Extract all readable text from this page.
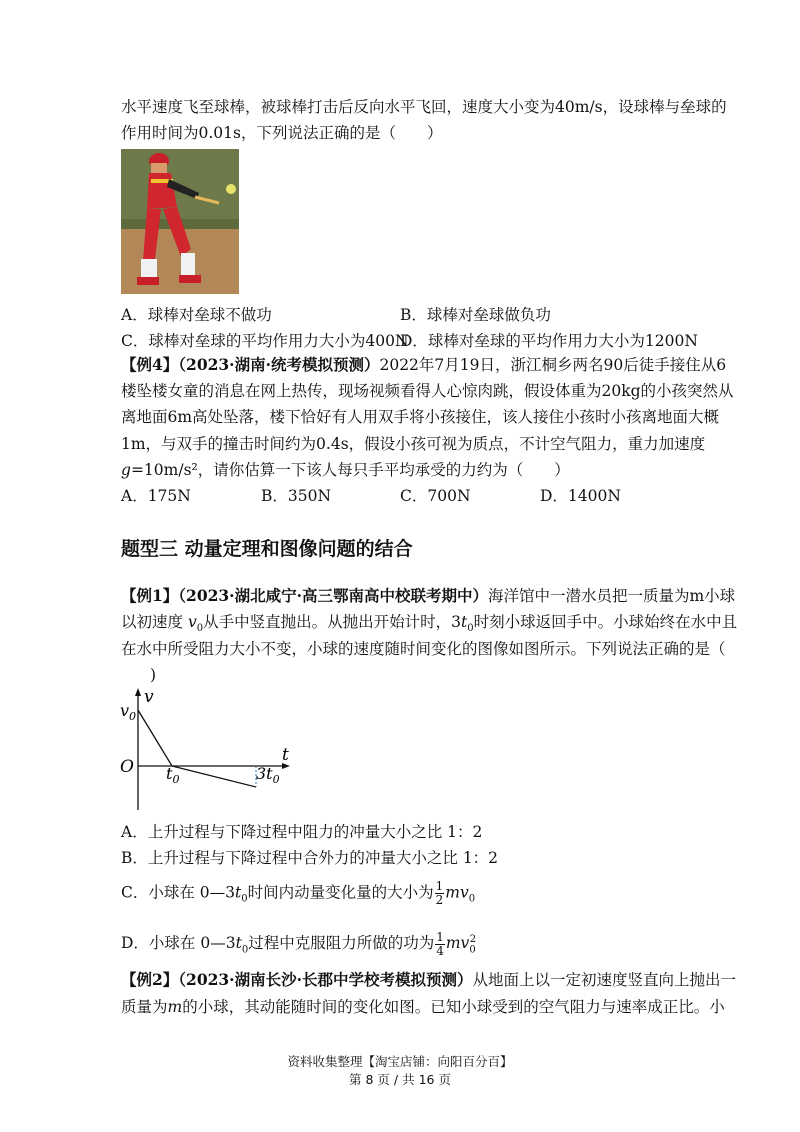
水平速度飞至球棒，被球棒打击后反向水平飞回，速度大小变为40m/s，设球棒与垒球的

作用时间为0.01s，下列说法正确的是（　　）

A．球棒对垒球不做功	B．球棒对垒球做负功
C．球棒对垒球的平均作用力大小为400N
D．球棒对垒球的平均作用力大小为1200N

【例4】（2023·湖南·统考模拟预测）2022年7月19日，浙江桐乡两名90后徒手接住从6

楼坠楼女童的消息在网上热传，现场视频看得人心惊肉跳，假设体重为20kg的小孩突然从

离地面6m高处坠落，楼下恰好有人用双手将小孩接住，该人接住小孩时小孩离地面大概

1m，与双手的撞击时间约为0.4s，假设小孩可视为质点，不计空气阻力，重力加速度

g=10m/s²，请你估算一下该人每只手平均承受的力约为（　　）

A．175N	B．350N	C．700N	D．1400N
题型三 动量定理和图像问题的结合

【例1】（2023·湖北咸宁·高三鄂南高中校联考期中）海洋馆中一潜水员把一质量为m小球

以初速度 $v_0$从手中竖直抛出。从抛出开始计时，$3t_0$时刻小球返回手中。小球始终在水中且

在水中所受阻力大小不变，小球的速度随时间变化的图像如图所示。下列说法正确的是（

)

v
$v_0$
O
t
$t_0$	$3t_0$
A．上升过程与下降过程中阻力的冲量大小之比 1：2
B．上升过程与下降过程中合外力的冲量大小之比 1：2
C．小球在 $0—3t_0$时间内动量变化量的大小为 $\frac{1}{2} mv_0$
D．小球在 $0—3t_0$过程中克服阻力所做的功为 $\frac{1}{4} mv_0^2$

【例2】（2023·湖南长沙·长郡中学校考模拟预测）从地面上以一定初速度竖直向上抛出一

质量为m的小球，其动能随时间的变化如图。已知小球受到的空气阻力与速率成正比。小

资料收集整理【淘宝店铺：向阳百分百】
第 8 页 / 共 16 页
